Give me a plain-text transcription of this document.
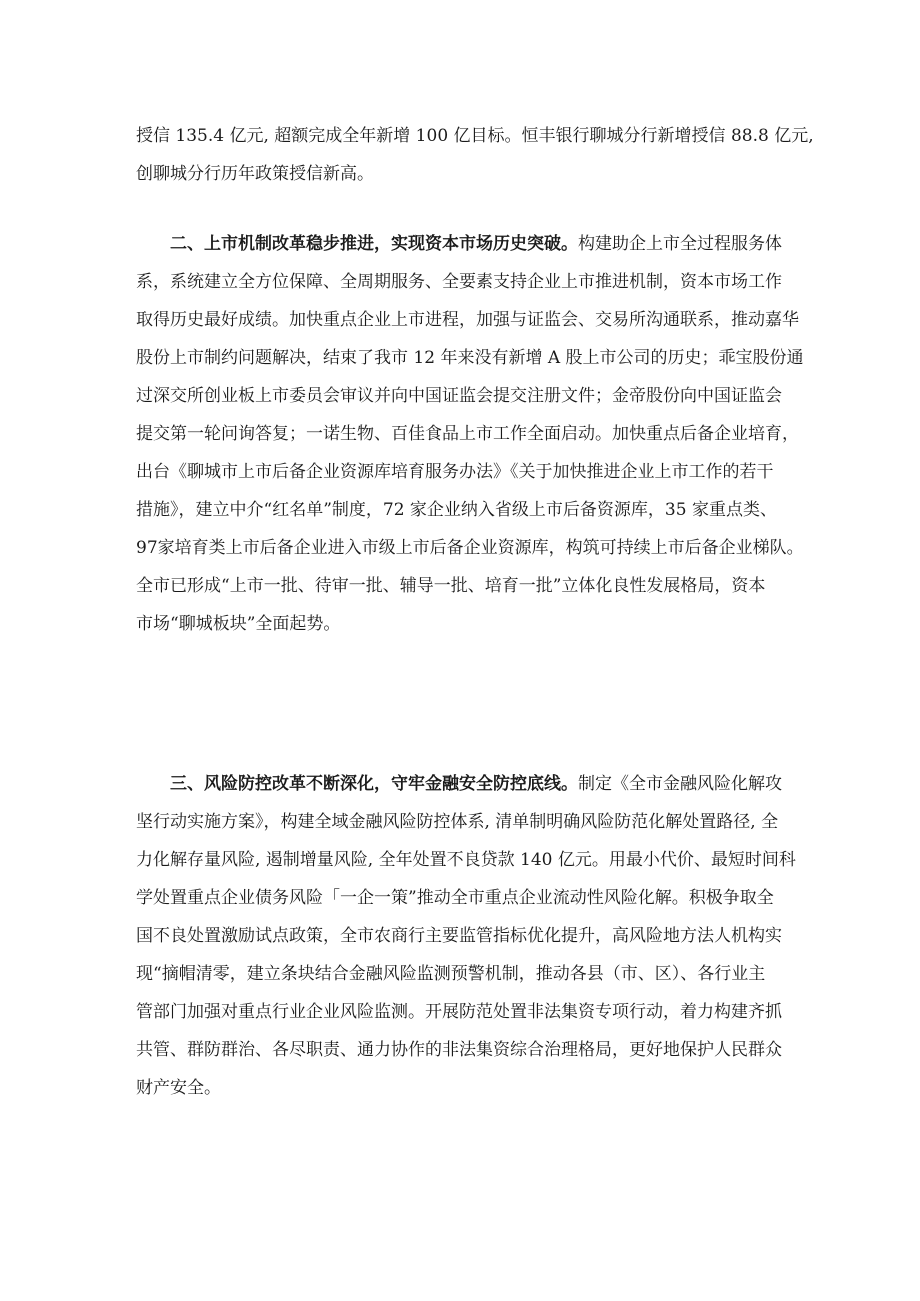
授信 135.4 亿元, 超额完成全年新增 100 亿目标。恒丰银行聊城分行新增授信 88.8 亿元,
创聊城分行历年政策授信新高。
二、上市机制改革稳步推进，实现资本市场历史突破。构建助企上市全过程服务体
系，系统建立全方位保障、全周期服务、全要素支持企业上市推进机制，资本市场工作
取得历史最好成绩。加快重点企业上市进程，加强与证监会、交易所沟通联系，推动嘉华
股份上市制约问题解决，结束了我市 12 年来没有新增 A 股上市公司的历史；乖宝股份通
过深交所创业板上市委员会审议并向中国证监会提交注册文件；金帝股份向中国证监会
提交第一轮问询答复；一诺生物、百佳食品上市工作全面启动。加快重点后备企业培育，
出台《聊城市上市后备企业资源库培育服务办法》《关于加快推进企业上市工作的若干
措施》，建立中介“红名单”制度，72 家企业纳入省级上市后备资源库，35 家重点类、
97家培育类上市后备企业进入市级上市后备企业资源库，构筑可持续上市后备企业梯队。
全市已形成“上市一批、待审一批、辅导一批、培育一批”立体化良性发展格局，资本
市场“聊城板块”全面起势。
三、风险防控改革不断深化，守牢金融安全防控底线。制定《全市金融风险化解攻
坚行动实施方案》，构建全域金融风险防控体系, 清单制明确风险防范化解处置路径, 全
力化解存量风险, 遏制增量风险, 全年处置不良贷款 140 亿元。用最小代价、最短时间科
学处置重点企业债务风险「一企一策”推动全市重点企业流动性风险化解。积极争取全
国不良处置激励试点政策，全市农商行主要监管指标优化提升，高风险地方法人机构实
现“摘帽清零，建立条块结合金融风险监测预警机制，推动各县（市、区）、各行业主
管部门加强对重点行业企业风险监测。开展防范处置非法集资专项行动，着力构建齐抓
共管、群防群治、各尽职责、通力协作的非法集资综合治理格局，更好地保护人民群众
财产安全。
